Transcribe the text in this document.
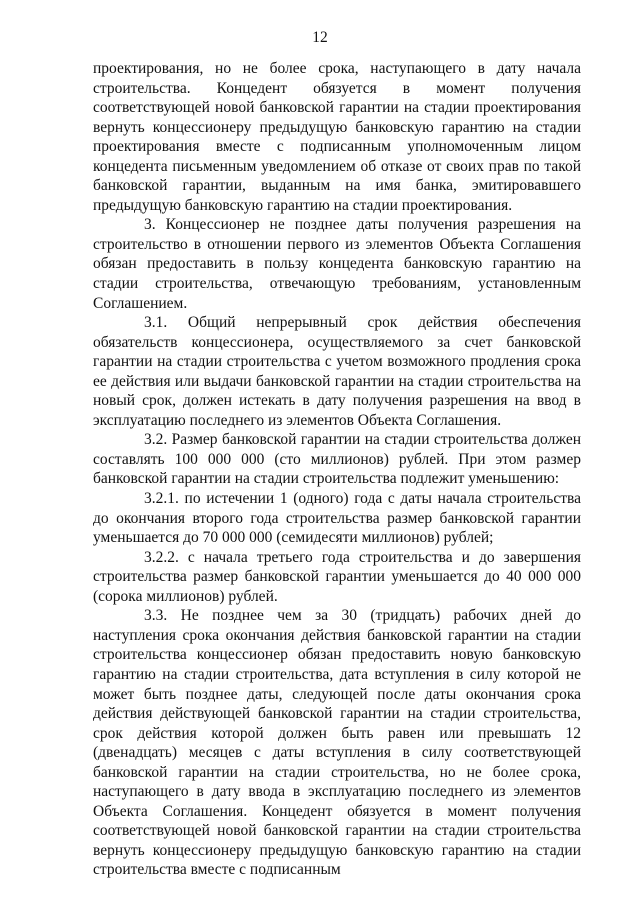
12

проектирования, но не более срока, наступающего в дату начала строительства. Концедент обязуется в момент получения соответствующей новой банковской гарантии на стадии проектирования вернуть концессионеру предыдущую банковскую гарантию на стадии проектирования вместе с подписанным уполномоченным лицом концедента письменным уведомлением об отказе от своих прав по такой банковской гарантии, выданным на имя банка, эмитировавшего предыдущую банковскую гарантию на стадии проектирования.

3. Концессионер не позднее даты получения разрешения на строительство в отношении первого из элементов Объекта Соглашения обязан предоставить в пользу концедента банковскую гарантию на стадии строительства, отвечающую требованиям, установленным Соглашением.

3.1. Общий непрерывный срок действия обеспечения обязательств концессионера, осуществляемого за счет банковской гарантии на стадии строительства с учетом возможного продления срока ее действия или выдачи банковской гарантии на стадии строительства на новый срок, должен истекать в дату получения разрешения на ввод в эксплуатацию последнего из элементов Объекта Соглашения.

3.2. Размер банковской гарантии на стадии строительства должен составлять 100 000 000 (сто миллионов) рублей. При этом размер банковской гарантии на стадии строительства подлежит уменьшению:

3.2.1. по истечении 1 (одного) года с даты начала строительства до окончания второго года строительства размер банковской гарантии уменьшается до 70 000 000 (семидесяти миллионов) рублей;

3.2.2. с начала третьего года строительства и до завершения строительства размер банковской гарантии уменьшается до 40 000 000 (сорока миллионов) рублей.

3.3. Не позднее чем за 30 (тридцать) рабочих дней до наступления срока окончания действия банковской гарантии на стадии строительства концессионер обязан предоставить новую банковскую гарантию на стадии строительства, дата вступления в силу которой не может быть позднее даты, следующей после даты окончания срока действия действующей банковской гарантии на стадии строительства, срок действия которой должен быть равен или превышать 12 (двенадцать) месяцев с даты вступления в силу соответствующей банковской гарантии на стадии строительства, но не более срока, наступающего в дату ввода в эксплуатацию последнего из элементов Объекта Соглашения. Концедент обязуется в момент получения соответствующей новой банковской гарантии на стадии строительства вернуть концессионеру предыдущую банковскую гарантию на стадии строительства вместе с подписанным
